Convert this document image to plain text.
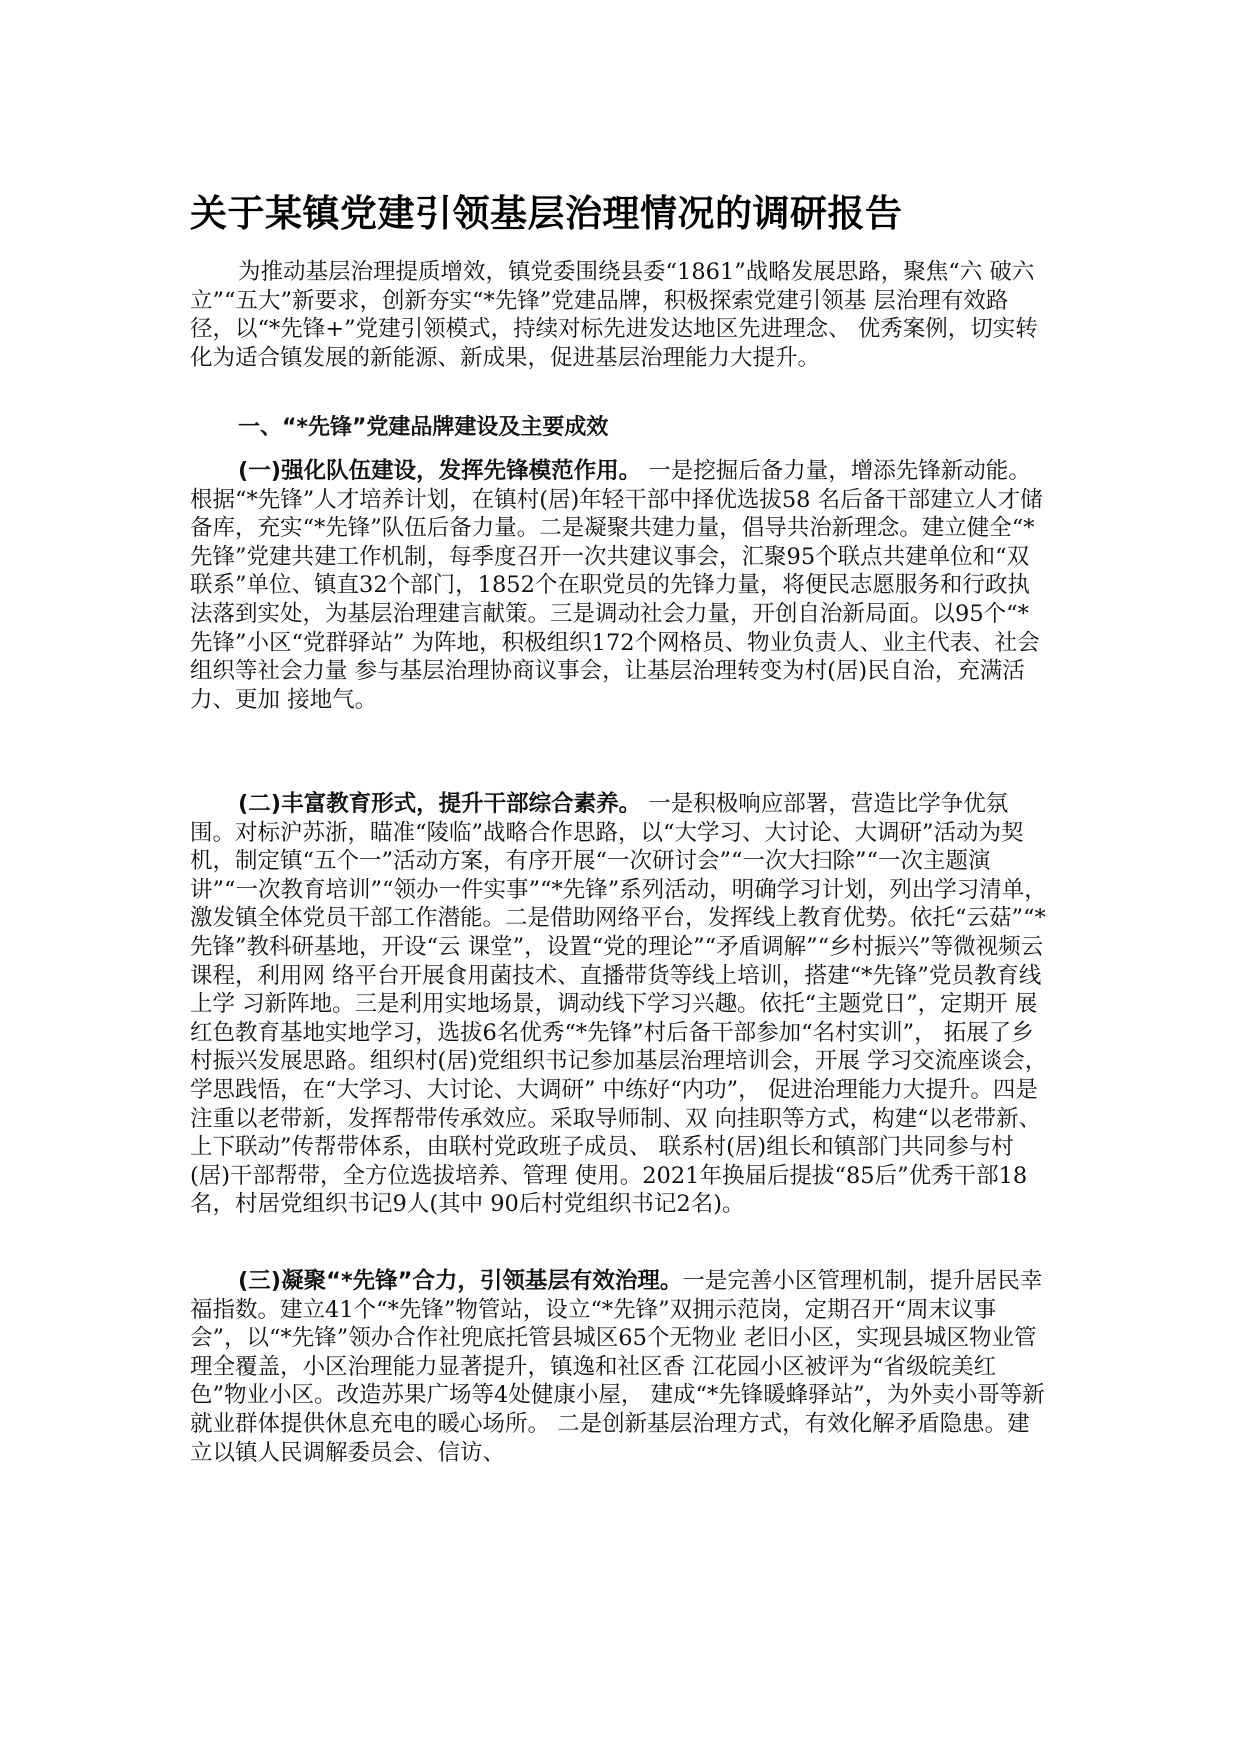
关于某镇党建引领基层治理情况的调研报告

为推动基层治理提质增效，镇党委围绕县委“1861”战略发展思路，聚焦“六 破六立”“五大”新要求，创新夯实“*先锋”党建品牌，积极探索党建引领基 层治理有效路径，以“*先锋+”党建引领模式，持续对标先进发达地区先进理念、 优秀案例，切实转化为适合镇发展的新能源、新成果，促进基层治理能力大提升。

一、“*先锋”党建品牌建设及主要成效

(一)强化队伍建设，发挥先锋模范作用。 一是挖掘后备力量，增添先锋新动能。根据“*先锋”人才培养计划，在镇村(居)年轻干部中择优选拔58 名后备干部建立人才储备库，充实“*先锋”队伍后备力量。二是凝聚共建力量，倡导共治新理念。建立健全“*先锋”党建共建工作机制，每季度召开一次共建议事会，汇聚95个联点共建单位和“双联系”单位、镇直32个部门，1852个在职党员的先锋力量，将便民志愿服务和行政执法落到实处，为基层治理建言献策。三是调动社会力量，开创自治新局面。以95个“*先锋”小区“党群驿站” 为阵地，积极组织172个网格员、物业负责人、业主代表、社会组织等社会力量 参与基层治理协商议事会，让基层治理转变为村(居)民自治，充满活力、更加 接地气。

(二)丰富教育形式，提升干部综合素养。 一是积极响应部署，营造比学争优氛围。对标沪苏浙，瞄准“陵临”战略合作思路，以“大学习、大讨论、大调研”活动为契机，制定镇“五个一”活动方案，有序开展“一次研讨会”“一次大扫除”“一次主题演讲”“一次教育培训”“领办一件实事”“*先锋”系列活动，明确学习计划，列出学习清单，激发镇全体党员干部工作潜能。二是借助网络平台，发挥线上教育优势。依托“云菇”“*先锋”教科研基地，开设“云 课堂”，设置“党的理论”“矛盾调解”“乡村振兴”等微视频云课程，利用网 络平台开展食用菌技术、直播带货等线上培训，搭建“*先锋”党员教育线上学 习新阵地。三是利用实地场景，调动线下学习兴趣。依托“主题党日”，定期开 展红色教育基地实地学习，选拔6名优秀“*先锋”村后备干部参加“名村实训”， 拓展了乡村振兴发展思路。组织村(居)党组织书记参加基层治理培训会，开展 学习交流座谈会，学思践悟，在“大学习、大讨论、大调研” 中练好“内功”， 促进治理能力大提升。四是注重以老带新，发挥帮带传承效应。采取导师制、双 向挂职等方式，构建“以老带新、上下联动”传帮带体系，由联村党政班子成员、 联系村(居)组长和镇部门共同参与村(居)干部帮带，全方位选拔培养、管理 使用。2021年换届后提拔“85后”优秀干部18名，村居党组织书记9人(其中 90后村党组织书记2名)。

(三)凝聚“*先锋”合力，引领基层有效治理。一是完善小区管理机制，提升居民幸福指数。建立41个“*先锋”物管站，设立“*先锋”双拥示范岗，定期召开“周末议事会”，以“*先锋”领办合作社兜底托管县城区65个无物业 老旧小区，实现县城区物业管理全覆盖，小区治理能力显著提升，镇逸和社区香 江花园小区被评为“省级皖美红色”物业小区。改造苏果广场等4处健康小屋， 建成“*先锋暖蜂驿站”，为外卖小哥等新就业群体提供休息充电的暖心场所。 二是创新基层治理方式，有效化解矛盾隐患。建立以镇人民调解委员会、信访、
